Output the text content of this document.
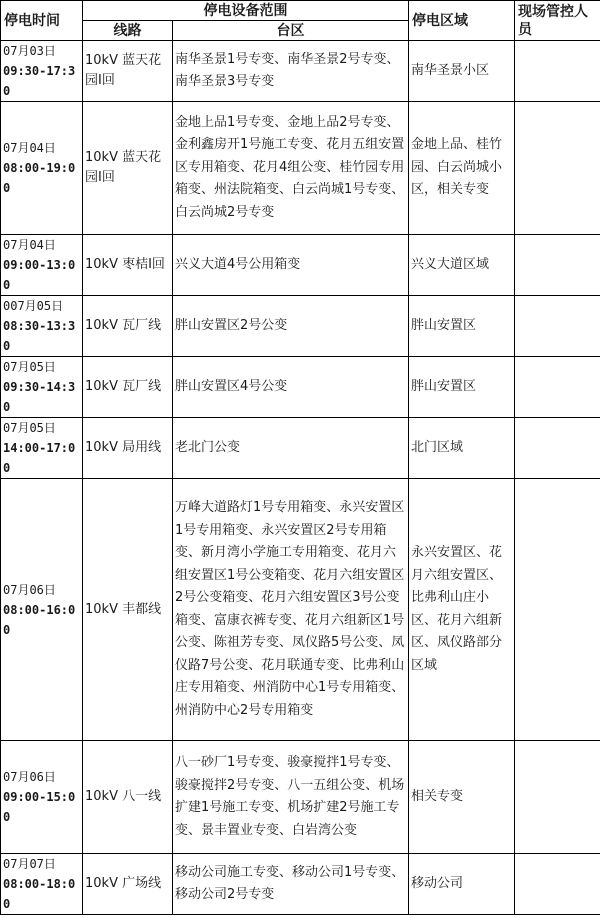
停电时间	停电设备范围		停电区域	现场管控人员
	线路	台区		

07月03日
09:30-17:30	10kV 蓝天花园I回	南华圣景1号专变、南华圣景2号专变、南华圣景3号专变	南华圣景小区	

07月04日
08:00-19:00	10kV 蓝天花园I回	金地上品1号专变、金地上品2号专变、金利鑫房开1号施工专变、花月五组安置区专用箱变、花月4组公变、桂竹园专用箱变、州法院箱变、白云尚城1号专变、白云尚城2号专变	金地上品、桂竹园、白云尚城小区，相关专变	

07月04日
09:00-13:00	10kV 枣桔I回	兴义大道4号公用箱变	兴义大道区域	

007月05日
08:30-13:30	10kV 瓦厂线	胖山安置区2号公变	胖山安置区	

07月05日
09:30-14:30	10kV 瓦厂线	胖山安置区4号公变	胖山安置区	

07月05日
14:00-17:00	10kV 局用线	老北门公变	北门区域	

07月06日
08:00-16:00	10kV 丰都线	万峰大道路灯1号专用箱变、永兴安置区1号专用箱变、永兴安置区2号专用箱变、新月湾小学施工专用箱变、花月六组安置区1号公变箱变、花月六组安置区2号公变箱变、花月六组安置区3号公变箱变、富康衣裤专变、花月六组新区1号公变、陈祖芳专变、凤仪路5号公变、凤仪路7号公变、花月联通专变、比弗利山庄专用箱变、州消防中心1号专用箱变、州消防中心2号专用箱变	永兴安置区、花月六组安置区、比弗利山庄小区、花月六组新区、凤仪路部分区域	

07月06日
09:00-15:00	10kV 八一线	八一砂厂1号专变、骏豪搅拌1号专变、骏豪搅拌2号专变、八一五组公变、机场扩建1号施工专变、机场扩建2号施工专变、景丰置业专变、白岩湾公变	相关专变	

07月07日
08:00-18:00	10kV 广场线	移动公司施工专变、移动公司1号专变、移动公司2号专变	移动公司	
